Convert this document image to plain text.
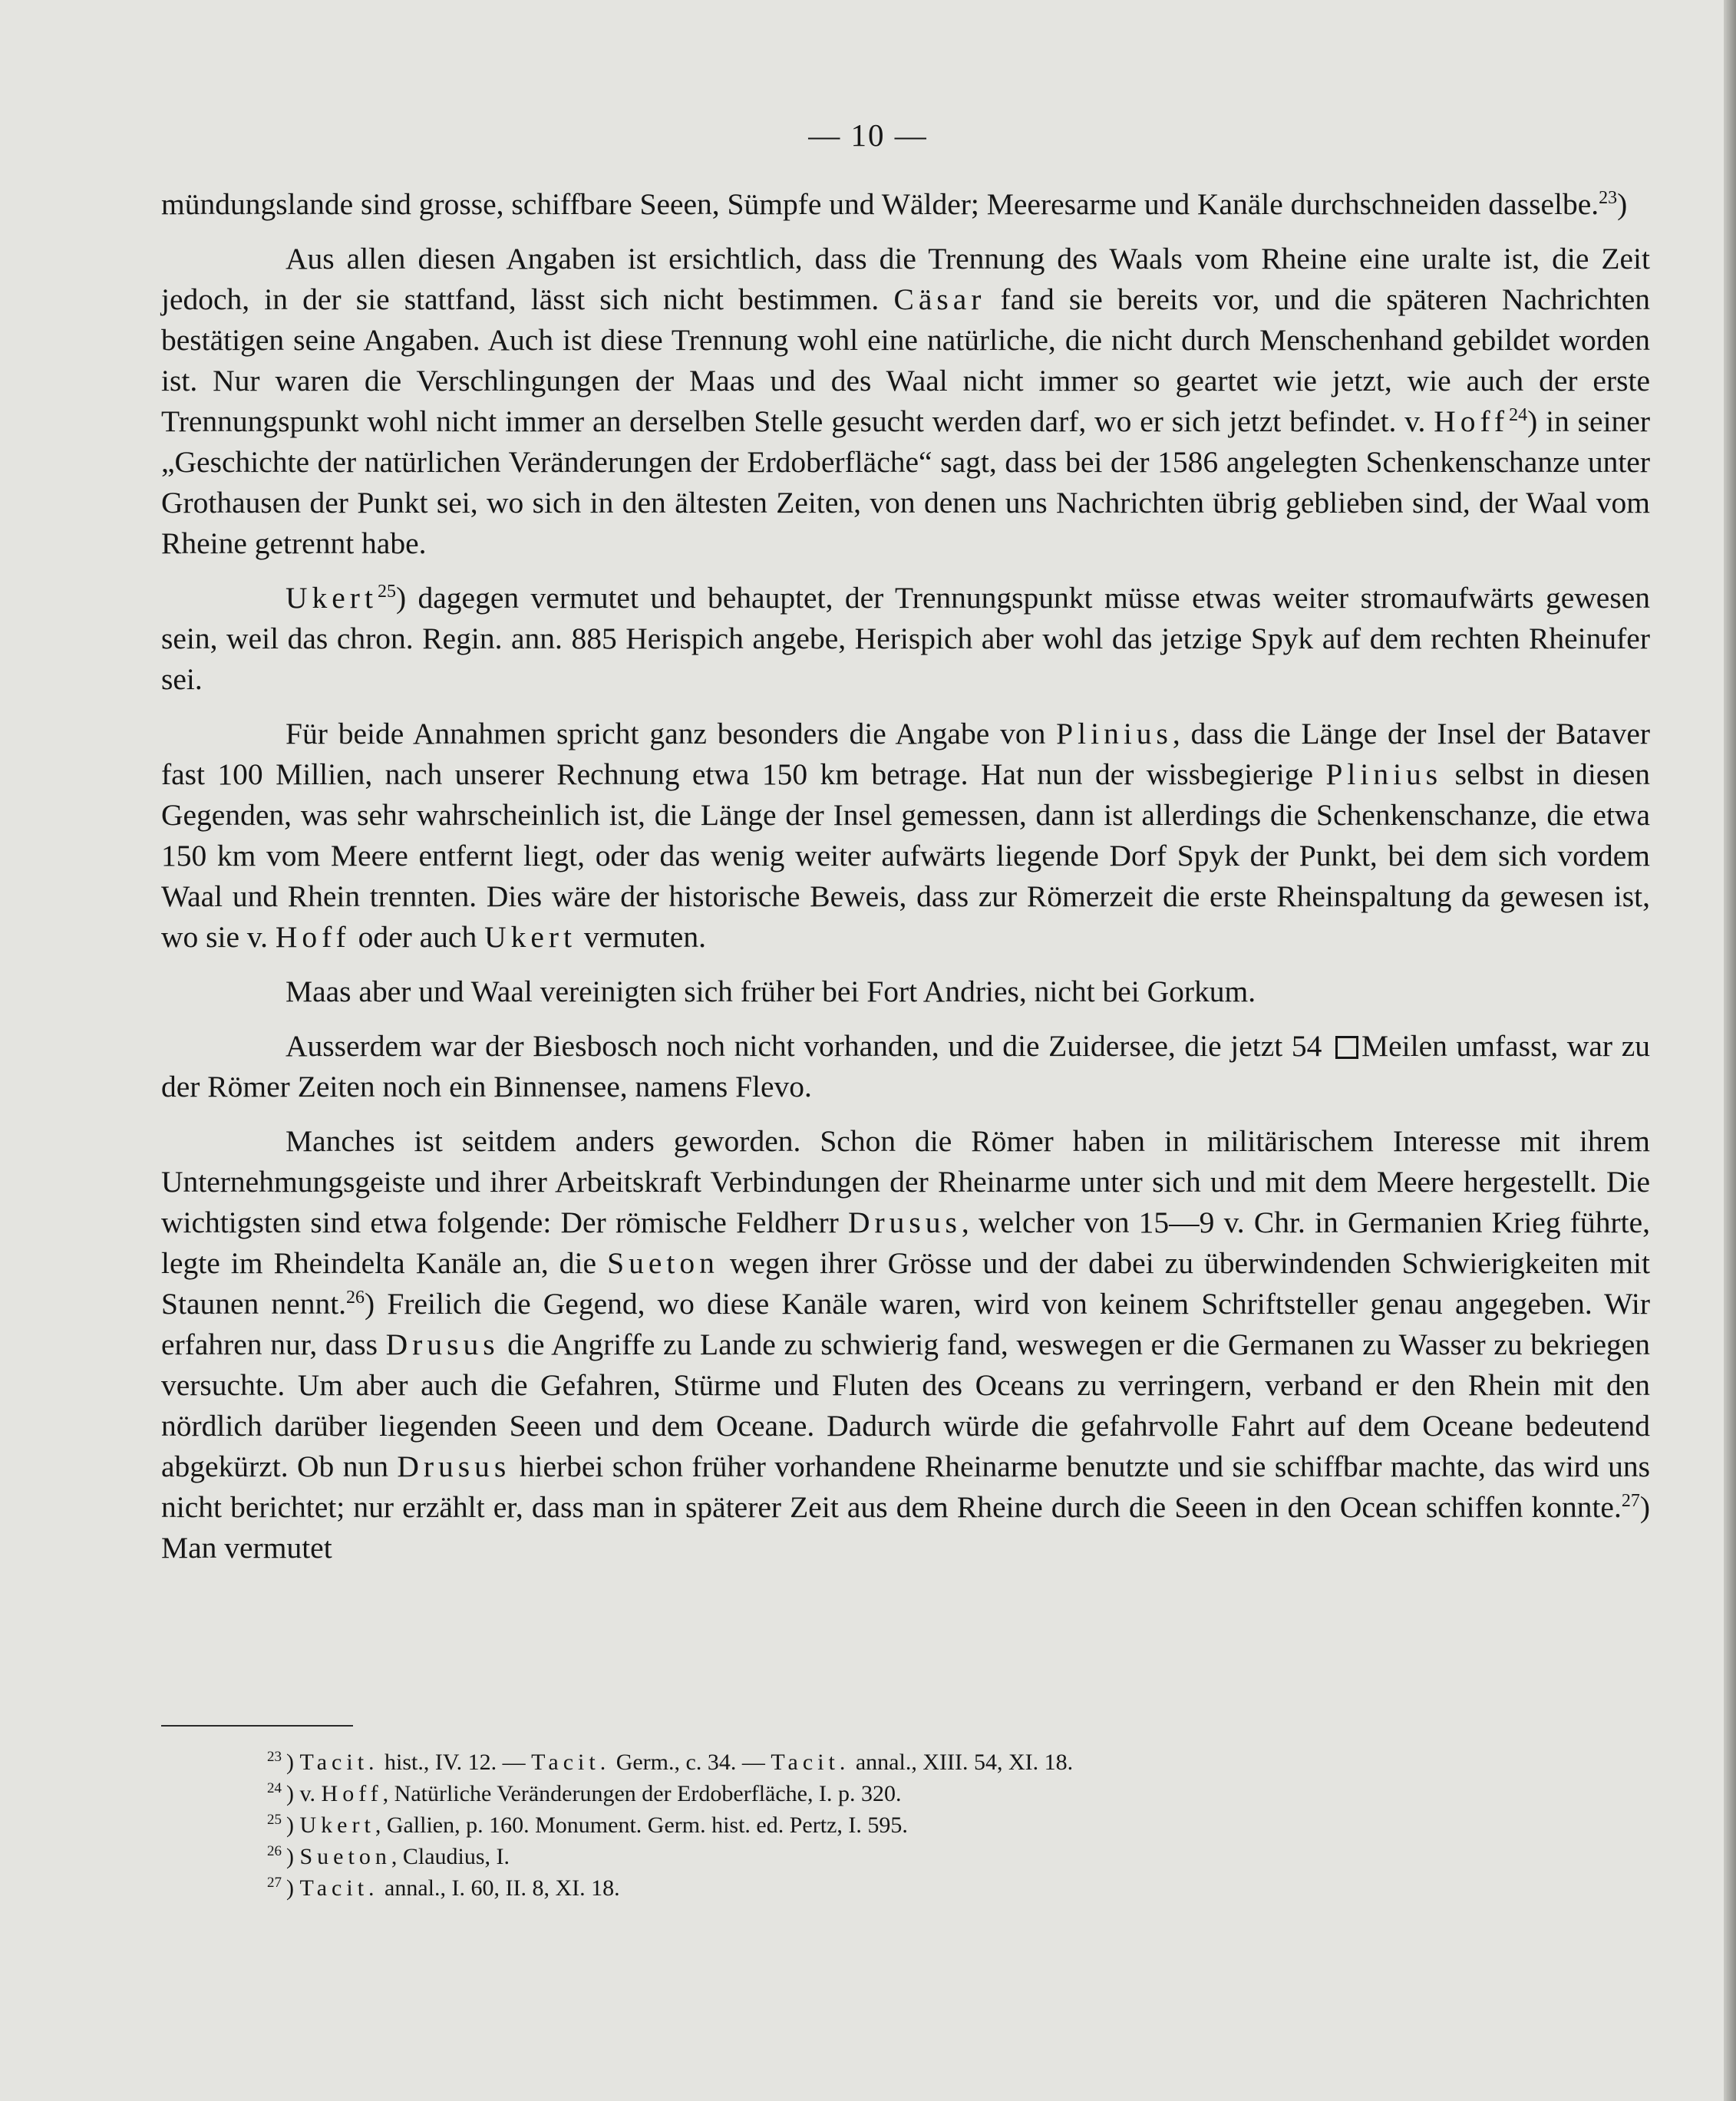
— 10 —

mündungslande sind grosse, schiffbare Seeen, Sümpfe und Wälder; Meeresarme und Kanäle durchschneiden dasselbe.$^{23}$)

Aus allen diesen Angaben ist ersichtlich, dass die Trennung des Waals vom Rheine eine uralte ist, die Zeit jedoch, in der sie stattfand, lässt sich nicht bestimmen. Cäsar fand sie bereits vor, und die späteren Nachrichten bestätigen seine Angaben. Auch ist diese Trennung wohl eine natürliche, die nicht durch Menschenhand gebildet worden ist. Nur waren die Verschlingungen der Maas und des Waal nicht immer so geartet wie jetzt, wie auch der erste Trennungspunkt wohl nicht immer an derselben Stelle gesucht werden darf, wo er sich jetzt befindet. v. Hoff$^{24}$) in seiner „Geschichte der natürlichen Veränderungen der Erdoberfläche“ sagt, dass bei der 1586 angelegten Schenkenschanze unter Grothausen der Punkt sei, wo sich in den ältesten Zeiten, von denen uns Nachrichten übrig geblieben sind, der Waal vom Rheine getrennt habe.

Ukert$^{25}$) dagegen vermutet und behauptet, der Trennungspunkt müsse etwas weiter stromaufwärts gewesen sein, weil das chron. Regin. ann. 885 Herispich angebe, Herispich aber wohl das jetzige Spyk auf dem rechten Rheinufer sei.

Für beide Annahmen spricht ganz besonders die Angabe von Plinius, dass die Länge der Insel der Bataver fast 100 Millien, nach unserer Rechnung etwa 150 km betrage. Hat nun der wissbegierige Plinius selbst in diesen Gegenden, was sehr wahrscheinlich ist, die Länge der Insel gemessen, dann ist allerdings die Schenkenschanze, die etwa 150 km vom Meere entfernt liegt, oder das wenig weiter aufwärts liegende Dorf Spyk der Punkt, bei dem sich vordem Waal und Rhein trennten. Dies wäre der historische Beweis, dass zur Römerzeit die erste Rheinspaltung da gewesen ist, wo sie v. Hoff oder auch Ukert vermuten.

Maas aber und Waal vereinigten sich früher bei Fort Andries, nicht bei Gorkum.

Ausserdem war der Biesbosch noch nicht vorhanden, und die Zuidersee, die jetzt 54 Meilen umfasst, war zu der Römer Zeiten noch ein Binnensee, namens Flevo.

Manches ist seitdem anders geworden. Schon die Römer haben in militärischem Interesse mit ihrem Unternehmungsgeiste und ihrer Arbeitskraft Verbindungen der Rheinarme unter sich und mit dem Meere hergestellt. Die wichtigsten sind etwa folgende: Der römische Feldherr Drusus, welcher von 15—9 v. Chr. in Germanien Krieg führte, legte im Rheindelta Kanäle an, die Sueton wegen ihrer Grösse und der dabei zu überwindenden Schwierigkeiten mit Staunen nennt.$^{26}$) Freilich die Gegend, wo diese Kanäle waren, wird von keinem Schriftsteller genau angegeben. Wir erfahren nur, dass Drusus die Angriffe zu Lande zu schwierig fand, weswegen er die Germanen zu Wasser zu bekriegen versuchte. Um aber auch die Gefahren, Stürme und Fluten des Oceans zu verringern, verband er den Rhein mit den nördlich darüber liegenden Seeen und dem Oceane. Dadurch würde die gefahrvolle Fahrt auf dem Oceane bedeutend abgekürzt. Ob nun Drusus hierbei schon früher vorhandene Rheinarme benutzte und sie schiffbar machte, das wird uns nicht berichtet; nur erzählt er, dass man in späterer Zeit aus dem Rheine durch die Seeen in den Ocean schiffen konnte.$^{27}$) Man vermutet

$^{23}$ ) Tacit. hist., IV. 12. — Tacit. Germ., c. 34. — Tacit. annal., XIII. 54, XI. 18.

$^{24}$ ) v. Hoff, Natürliche Veränderungen der Erdoberfläche, I. p. 320.

$^{25}$ ) Ukert, Gallien, p. 160. Monument. Germ. hist. ed. Pertz, I. 595.

$^{26}$ ) Sueton, Claudius, I.

$^{27}$ ) Tacit. annal., I. 60, II. 8, XI. 18.
